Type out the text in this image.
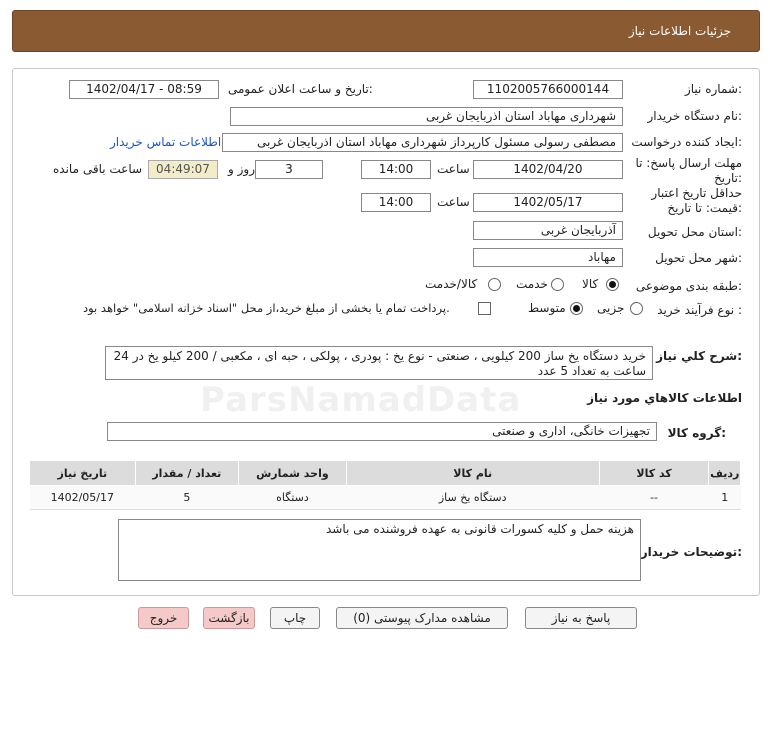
جزئیات اطلاعات نیاز
شماره نیاز:
1102005766000144
تاریخ و ساعت اعلان عمومی:
1402/04/17 - 08:59
نام دستگاه خریدار:
شهرداری مهاباد استان اذربایجان غربی
ایجاد کننده درخواست:
مصطفی رسولی مسئول کارپرداز شهرداری مهاباد استان اذربایجان غربی
اطلاعات تماس خریدار
مهلت ارسال پاسخ: تا
تاریخ:
1402/04/20
ساعت
14:00
3
روز و
04:49:07
ساعت باقی مانده
حداقل تاریخ اعتبار
قیمت: تا تاریخ:
1402/05/17
ساعت
14:00
استان محل تحویل:
آذربایجان غربی
شهر محل تحویل:
مهاباد
طبقه بندی موضوعی:
کالا
خدمت
کالا/خدمت
نوع فرآیند خرید :
جزیی
متوسط
پرداخت تمام یا بخشی از مبلغ خرید،از محل "اسناد خزانه اسلامی" خواهد بود.
شرح کلي نياز:
خرید دستگاه یخ ساز 200 کیلویی ، صنعتی - نوع یخ : پودری ، پولکی ، حبه ای ، مکعبی / 200 کیلو یخ در 24 ساعت به تعداد 5 عدد
اطلاعات کالاهاي مورد نياز
گروه کالا:
تجهیزات خانگی، اداری و صنعتی
ردیف	کد کالا	نام کالا	واحد شمارش	تعداد / مقدار	تاریخ نیاز
1	--	دستگاه یخ ساز	دستگاه	5	1402/05/17
توضیحات خریدار:
هزینه حمل و کلیه کسورات قانونی به عهده فروشنده می باشد
پاسخ به نیاز
مشاهده مدارک پیوستی (0)
چاپ
بازگشت
خروج
